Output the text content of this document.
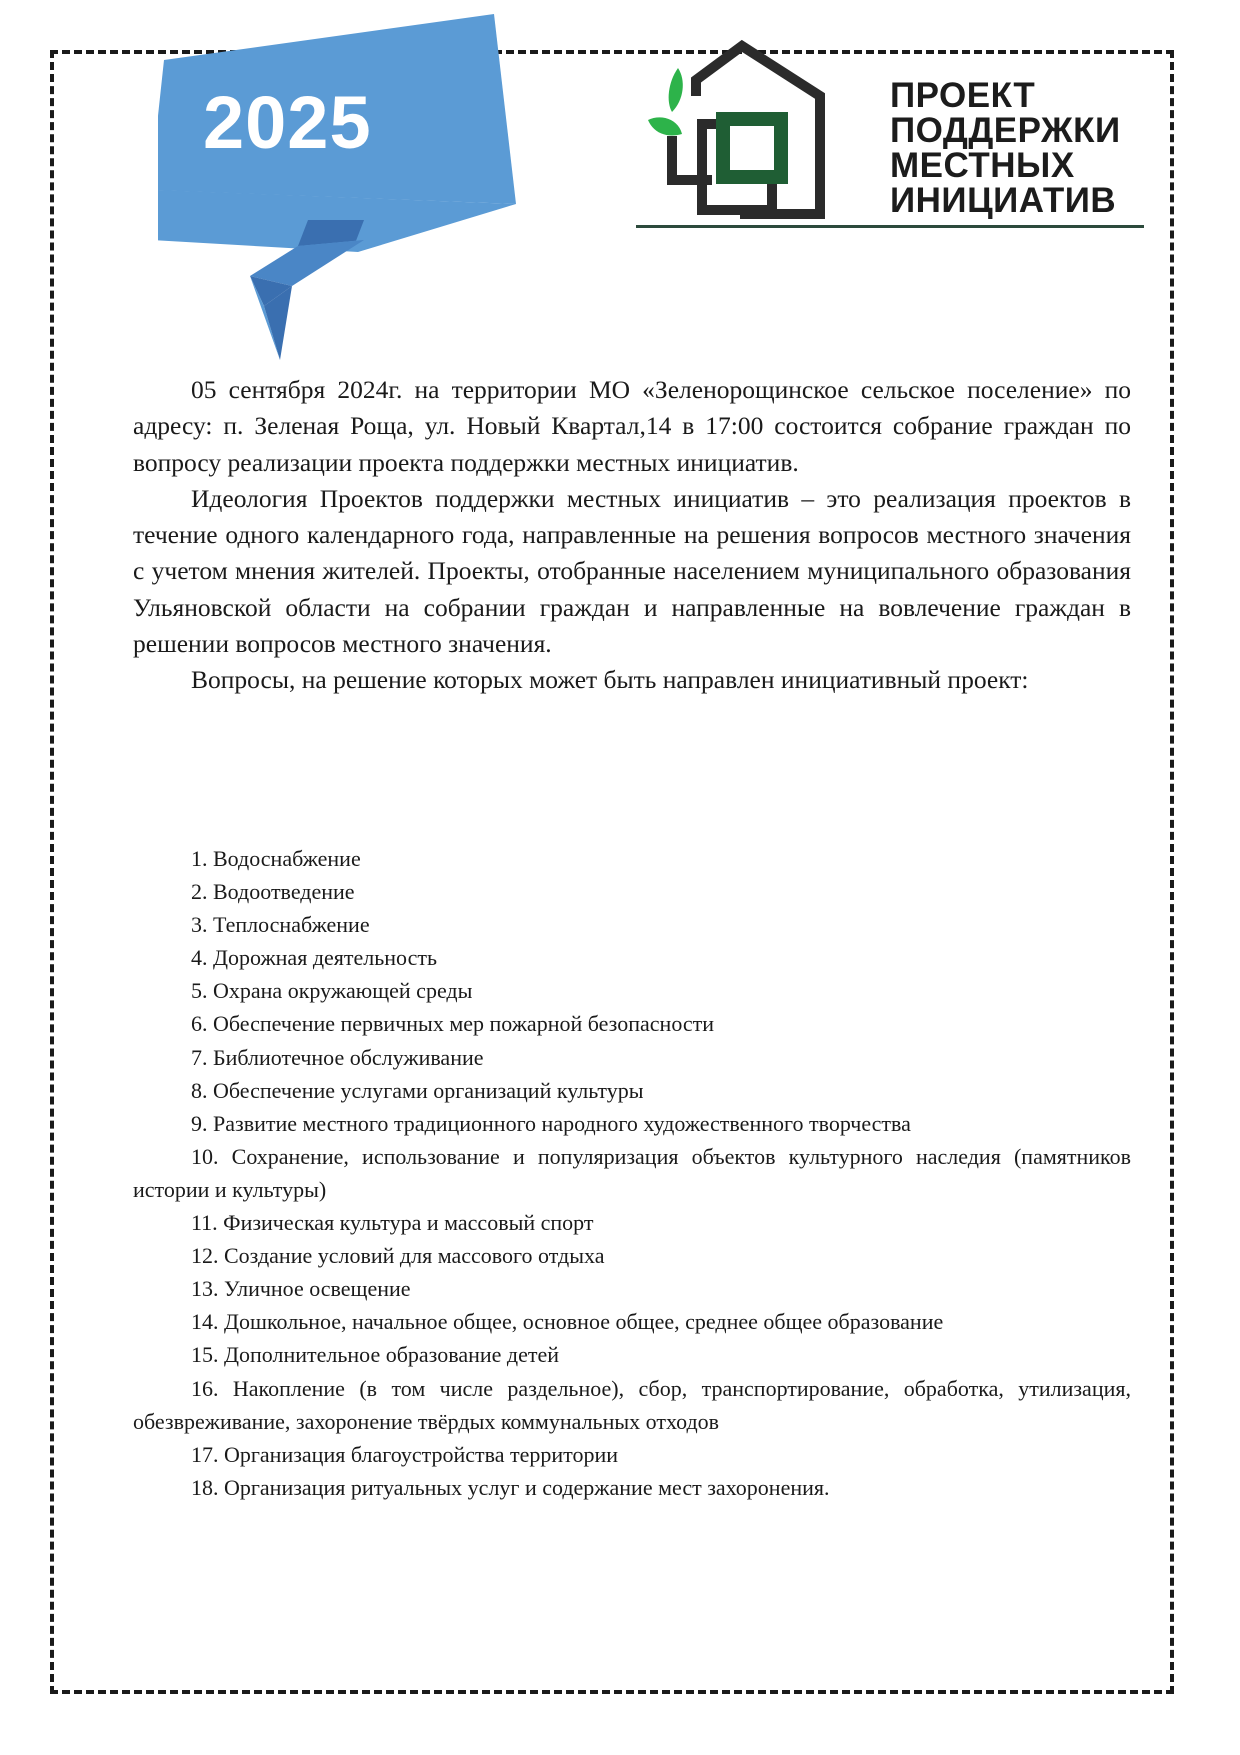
2025	ПРОЕКТ
ПОДДЕРЖКИ
МЕСТНЫХ
ИНИЦИАТИВ

05 сентября 2024г. на территории МО «Зеленорощинское сельское поселение» по адресу: п. Зеленая Роща, ул. Новый Квартал,14 в 17:00 состоится собрание граждан по вопросу реализации проекта поддержки местных инициатив.

Идеология Проектов поддержки местных инициатив – это реализация проектов в течение одного календарного года, направленные на решения вопросов местного значения с учетом мнения жителей. Проекты, отобранные населением муниципального образования Ульяновской области на собрании граждан и направленные на вовлечение граждан в решении вопросов местного значения.

Вопросы, на решение которых может быть направлен инициативный проект:

1. Водоснабжение
2. Водоотведение
3. Теплоснабжение
4. Дорожная деятельность
5. Охрана окружающей среды
6. Обеспечение первичных мер пожарной безопасности
7. Библиотечное обслуживание
8. Обеспечение услугами организаций культуры
9. Развитие местного традиционного народного художественного творчества
10. Сохранение, использование и популяризация объектов культурного наследия (памятников истории и культуры)
11. Физическая культура и массовый спорт
12. Создание условий для массового отдыха
13. Уличное освещение
14. Дошкольное, начальное общее, основное общее, среднее общее образование
15. Дополнительное образование детей
16. Накопление (в том числе раздельное), сбор, транспортирование, обработка, утилизация, обезвреживание, захоронение твёрдых коммунальных отходов
17. Организация благоустройства территории
18. Организация ритуальных услуг и содержание мест захоронения.
